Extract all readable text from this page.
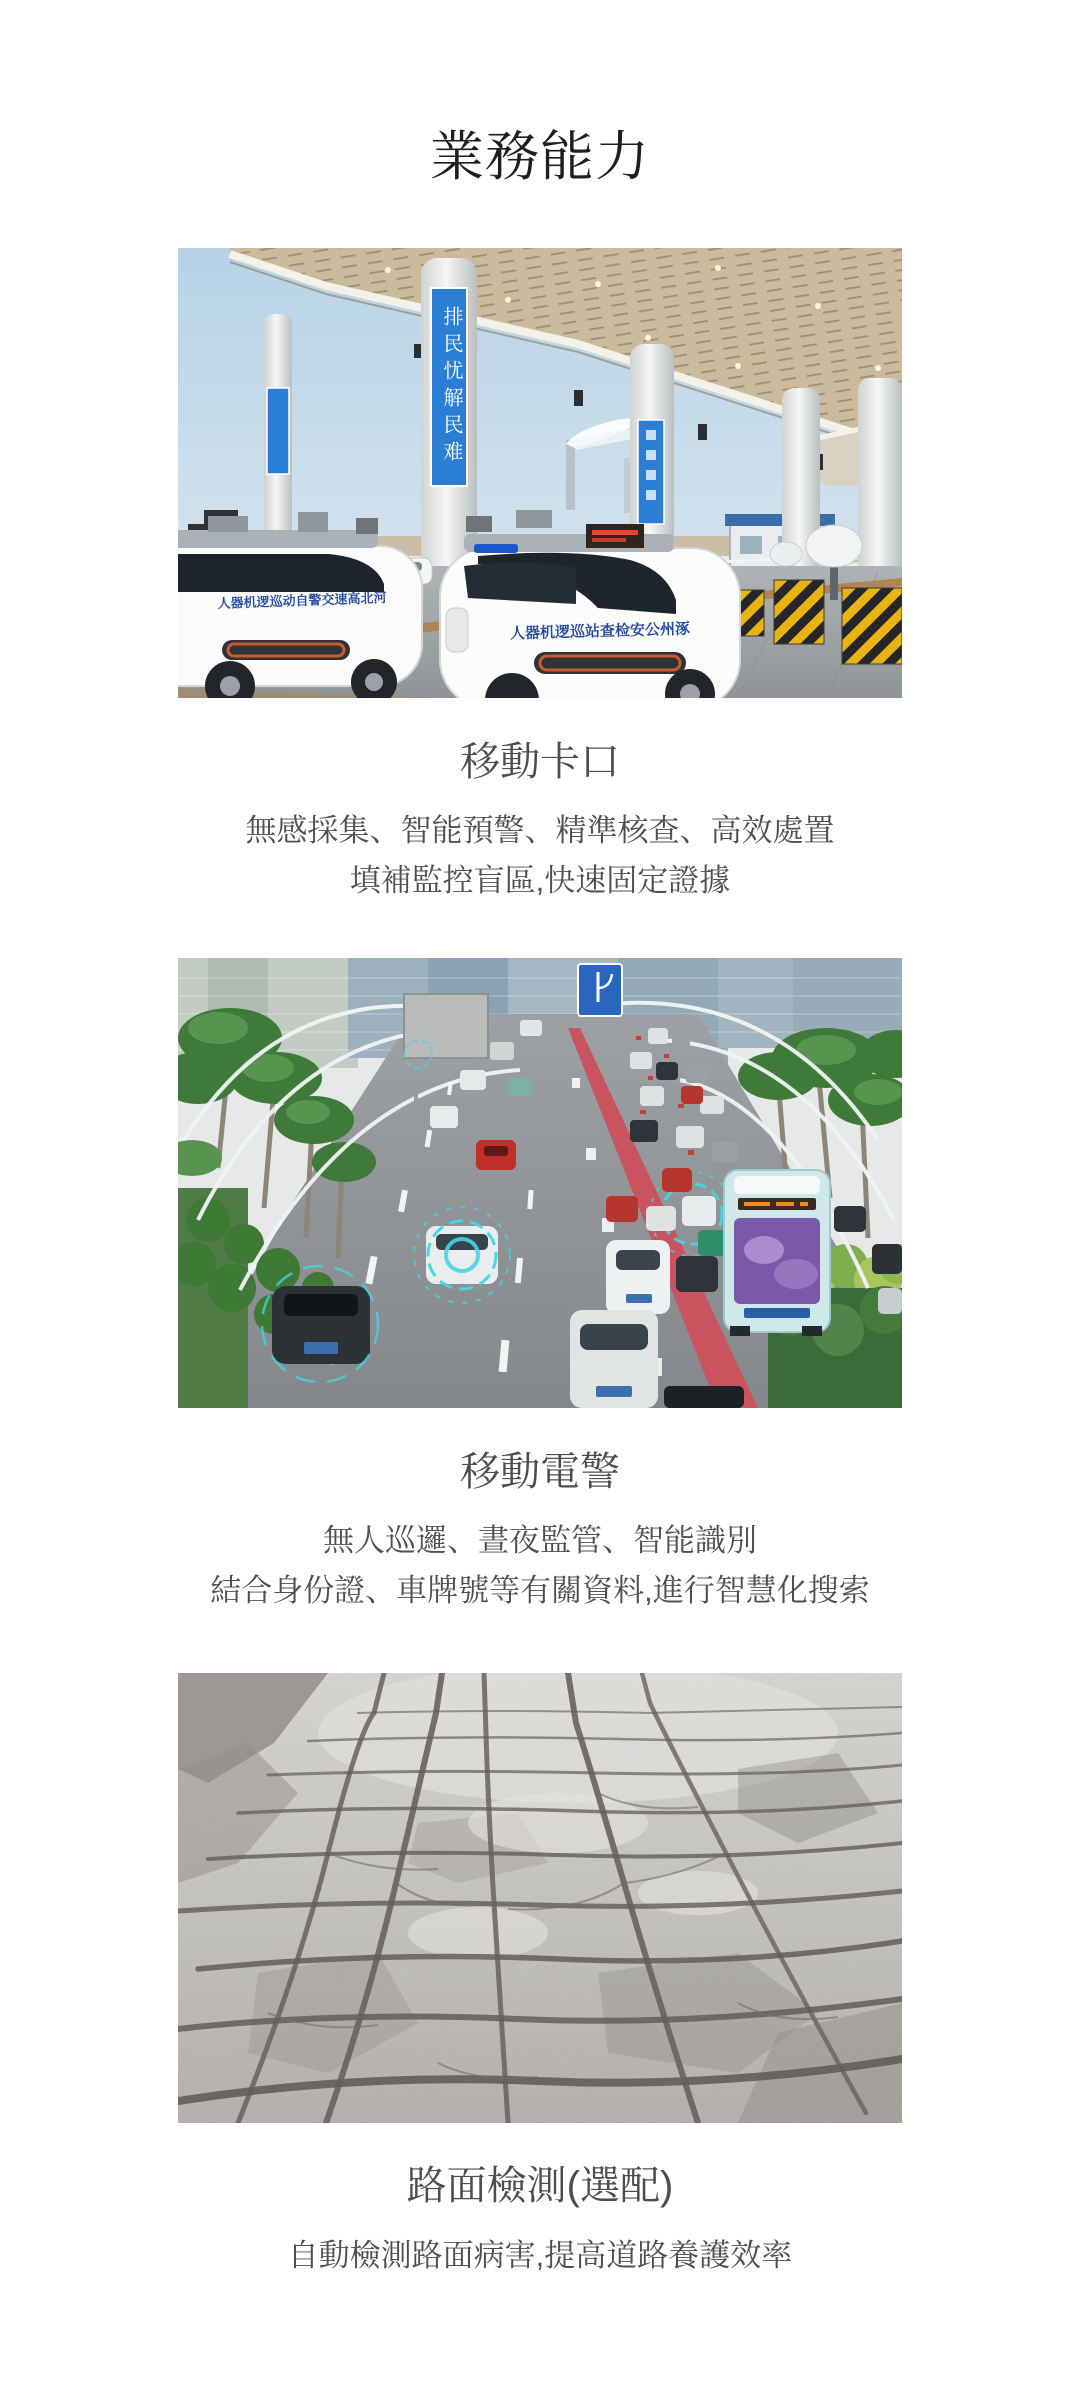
業務能力
排民忧解民难
人器机逻巡动自警交速高北河
人器机逻巡站查检安公州涿
移動卡口
無感採集、智能預警、精準核查、高效處置
填補監控盲區,快速固定證據
移動電警
無人巡邏、晝夜監管、智能識別
結合身份證、車牌號等有關資料,進行智慧化搜索
路面檢測(選配)
自動檢測路面病害,提高道路養護效率
